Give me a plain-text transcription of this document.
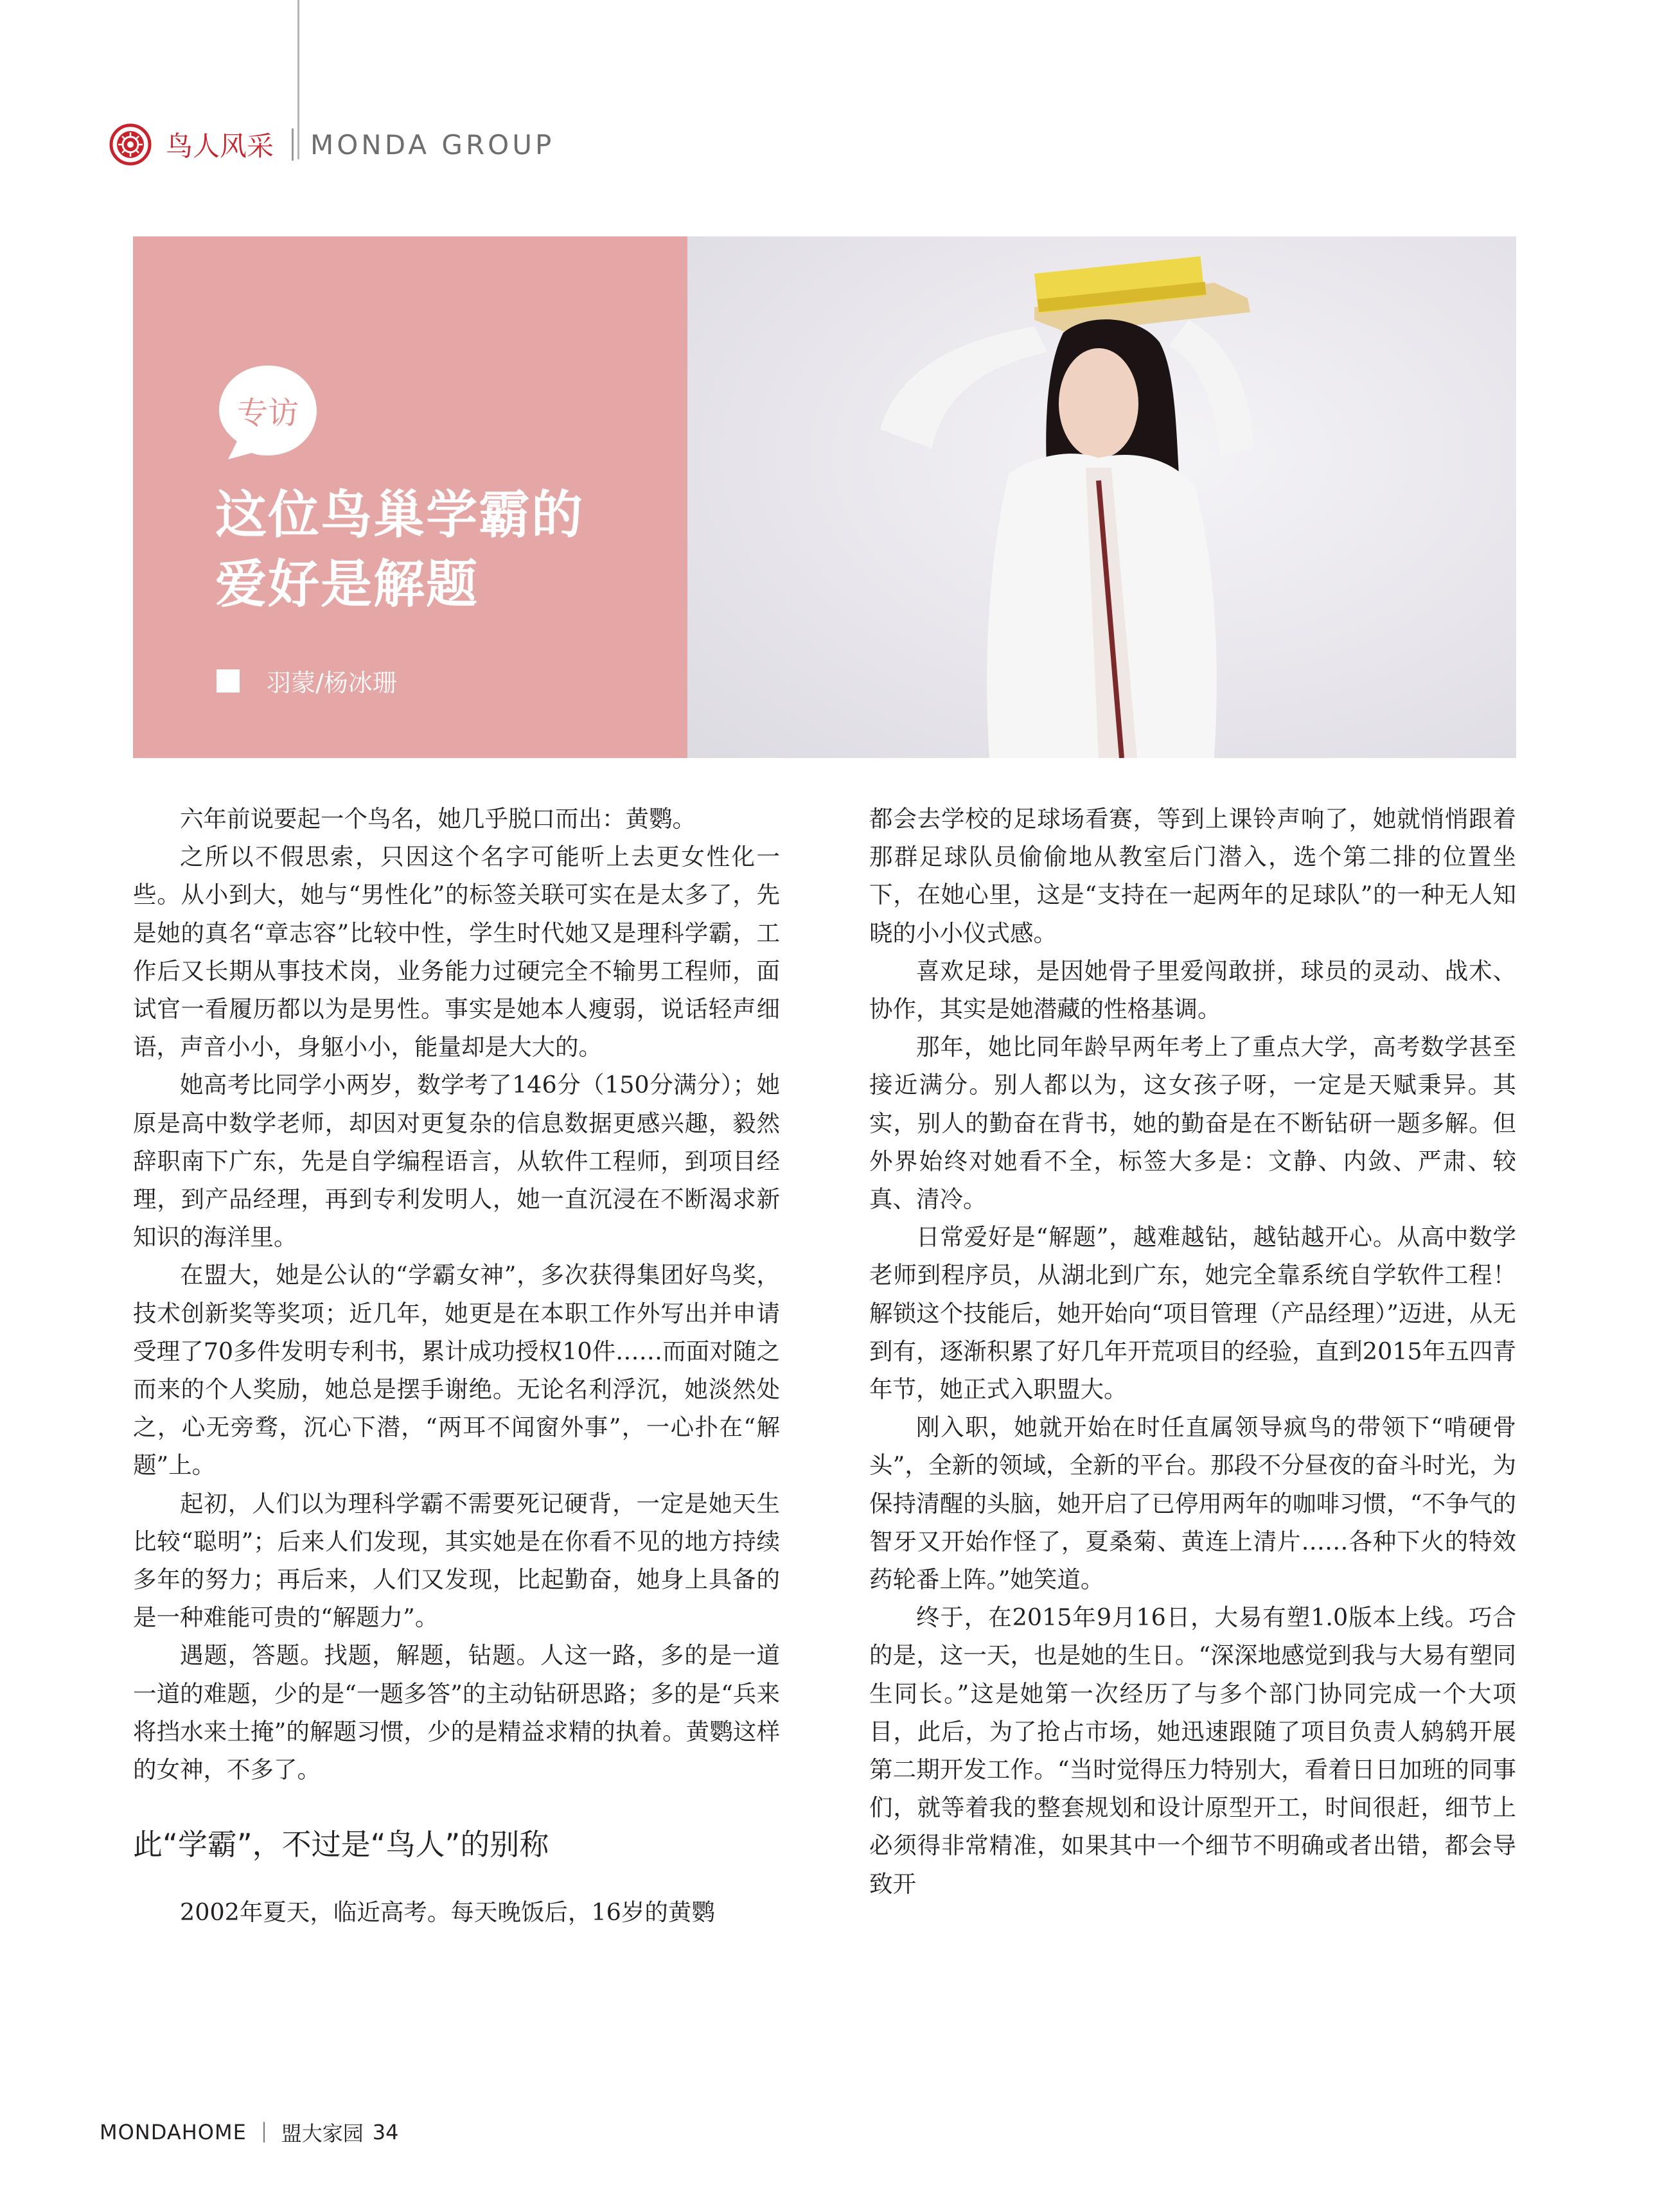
鸟人风采 MONDA GROUP
专访
这位鸟巢学霸的
爱好是解题
羽蒙/杨冰珊

六年前说要起一个鸟名，她几乎脱口而出：黄鹦。

之所以不假思索，只因这个名字可能听上去更女性化一些。从小到大，她与“男性化”的标签关联可实在是太多了，先是她的真名“章志容”比较中性，学生时代她又是理科学霸，工作后又长期从事技术岗，业务能力过硬完全不输男工程师，面试官一看履历都以为是男性。事实是她本人瘦弱，说话轻声细语，声音小小，身躯小小，能量却是大大的。

她高考比同学小两岁，数学考了146分（150分满分）；她原是高中数学老师，却因对更复杂的信息数据更感兴趣，毅然辞职南下广东，先是自学编程语言，从软件工程师，到项目经理，到产品经理，再到专利发明人，她一直沉浸在不断渴求新知识的海洋里。

在盟大，她是公认的“学霸女神”，多次获得集团好鸟奖，技术创新奖等奖项；近几年，她更是在本职工作外写出并申请受理了70多件发明专利书，累计成功授权10件……而面对随之而来的个人奖励，她总是摆手谢绝。无论名利浮沉，她淡然处之，心无旁骛，沉心下潜，“两耳不闻窗外事”，一心扑在“解题”上。

起初，人们以为理科学霸不需要死记硬背，一定是她天生比较“聪明”；后来人们发现，其实她是在你看不见的地方持续多年的努力；再后来，人们又发现，比起勤奋，她身上具备的是一种难能可贵的“解题力”。

遇题，答题。找题，解题，钻题。人这一路，多的是一道一道的难题，少的是“一题多答”的主动钻研思路；多的是“兵来将挡水来土掩”的解题习惯，少的是精益求精的执着。黄鹦这样的女神，不多了。

此“学霸”，不过是“鸟人”的别称

2002年夏天，临近高考。每天晚饭后，16岁的黄鹦

都会去学校的足球场看赛，等到上课铃声响了，她就悄悄跟着那群足球队员偷偷地从教室后门潜入，选个第二排的位置坐下，在她心里，这是“支持在一起两年的足球队”的一种无人知晓的小小仪式感。

喜欢足球，是因她骨子里爱闯敢拼，球员的灵动、战术、协作，其实是她潜藏的性格基调。

那年，她比同年龄早两年考上了重点大学，高考数学甚至接近满分。别人都以为，这女孩子呀，一定是天赋秉异。其实，别人的勤奋在背书，她的勤奋是在不断钻研一题多解。但外界始终对她看不全，标签大多是：文静、内敛、严肃、较真、清冷。

日常爱好是“解题”，越难越钻，越钻越开心。从高中数学老师到程序员，从湖北到广东，她完全靠系统自学软件工程！解锁这个技能后，她开始向“项目管理（产品经理）”迈进，从无到有，逐渐积累了好几年开荒项目的经验，直到2015年五四青年节，她正式入职盟大。

刚入职，她就开始在时任直属领导疯鸟的带领下“啃硬骨头”，全新的领域，全新的平台。那段不分昼夜的奋斗时光，为保持清醒的头脑，她开启了已停用两年的咖啡习惯，“不争气的智牙又开始作怪了，夏桑菊、黄连上清片……各种下火的特效药轮番上阵。”她笑道。

终于，在2015年9月16日，大易有塑1.0版本上线。巧合的是，这一天，也是她的生日。“深深地感觉到我与大易有塑同生同长。”这是她第一次经历了与多个部门协同完成一个大项目，此后，为了抢占市场，她迅速跟随了项目负责人鸫鸫开展第二期开发工作。“当时觉得压力特别大，看着日日加班的同事们，就等着我的整套规划和设计原型开工，时间很赶，细节上必须得非常精准，如果其中一个细节不明确或者出错，都会导致开

MONDAHOME 盟大家园 34
